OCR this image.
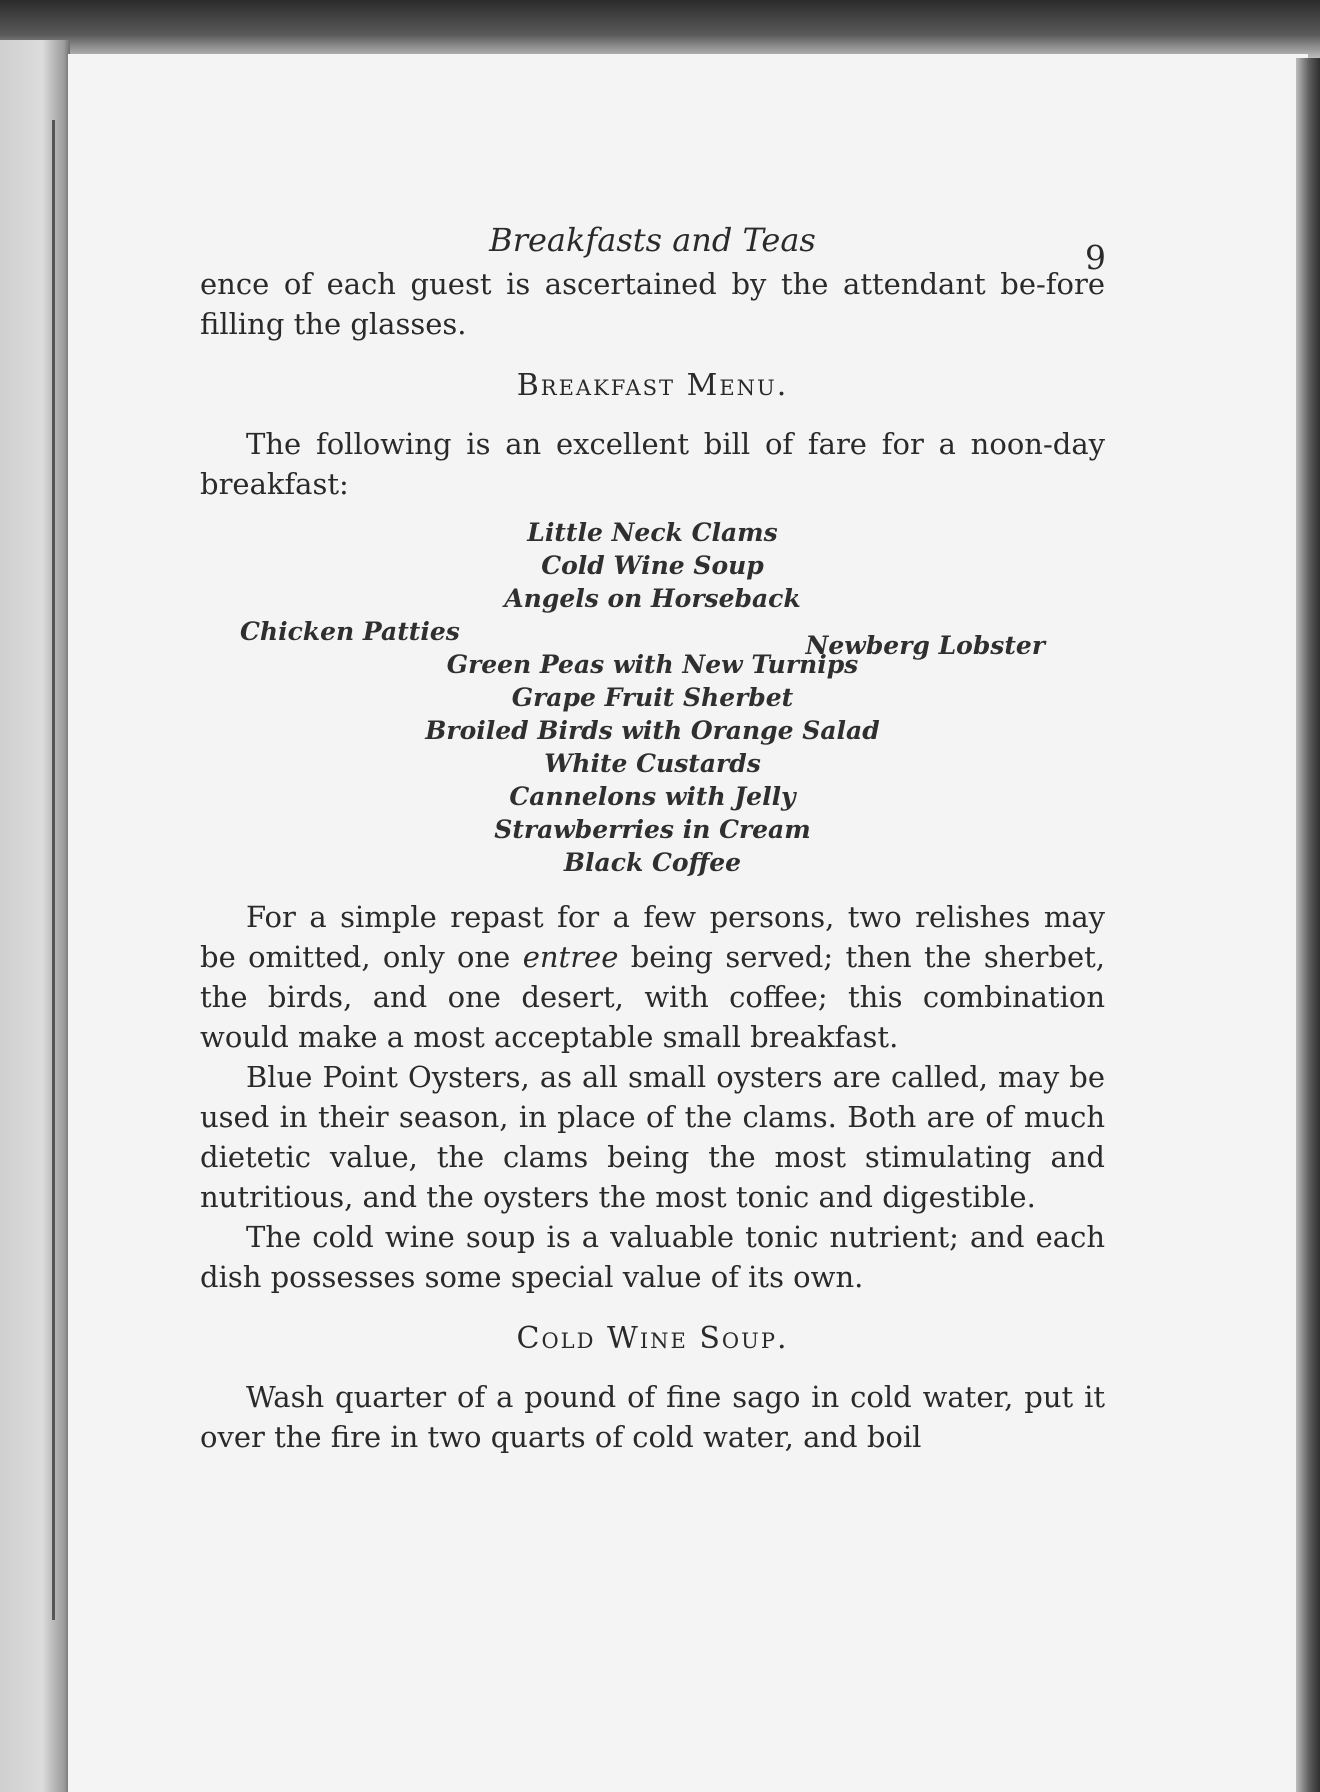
Breakfasts and Teas	9

ence of each guest is ascertained by the attendant be-fore filling the glasses.

Breakfast Menu.

The following is an excellent bill of fare for a noon-day breakfast:

Little Neck Clams
Cold Wine Soup
Angels on Horseback
Chicken Patties	Newberg Lobster
Green Peas with New Turnips
Grape Fruit Sherbet
Broiled Birds with Orange Salad
White Custards
Cannelons with Jelly
Strawberries in Cream
Black Coffee

For a simple repast for a few persons, two relishes may be omitted, only one entree being served; then the sherbet, the birds, and one desert, with coffee; this combination would make a most acceptable small breakfast.

Blue Point Oysters, as all small oysters are called, may be used in their season, in place of the clams. Both are of much dietetic value, the clams being the most stimulating and nutritious, and the oysters the most tonic and digestible.

The cold wine soup is a valuable tonic nutrient; and each dish possesses some special value of its own.

Cold Wine Soup.

Wash quarter of a pound of fine sago in cold water, put it over the fire in two quarts of cold water, and boil
